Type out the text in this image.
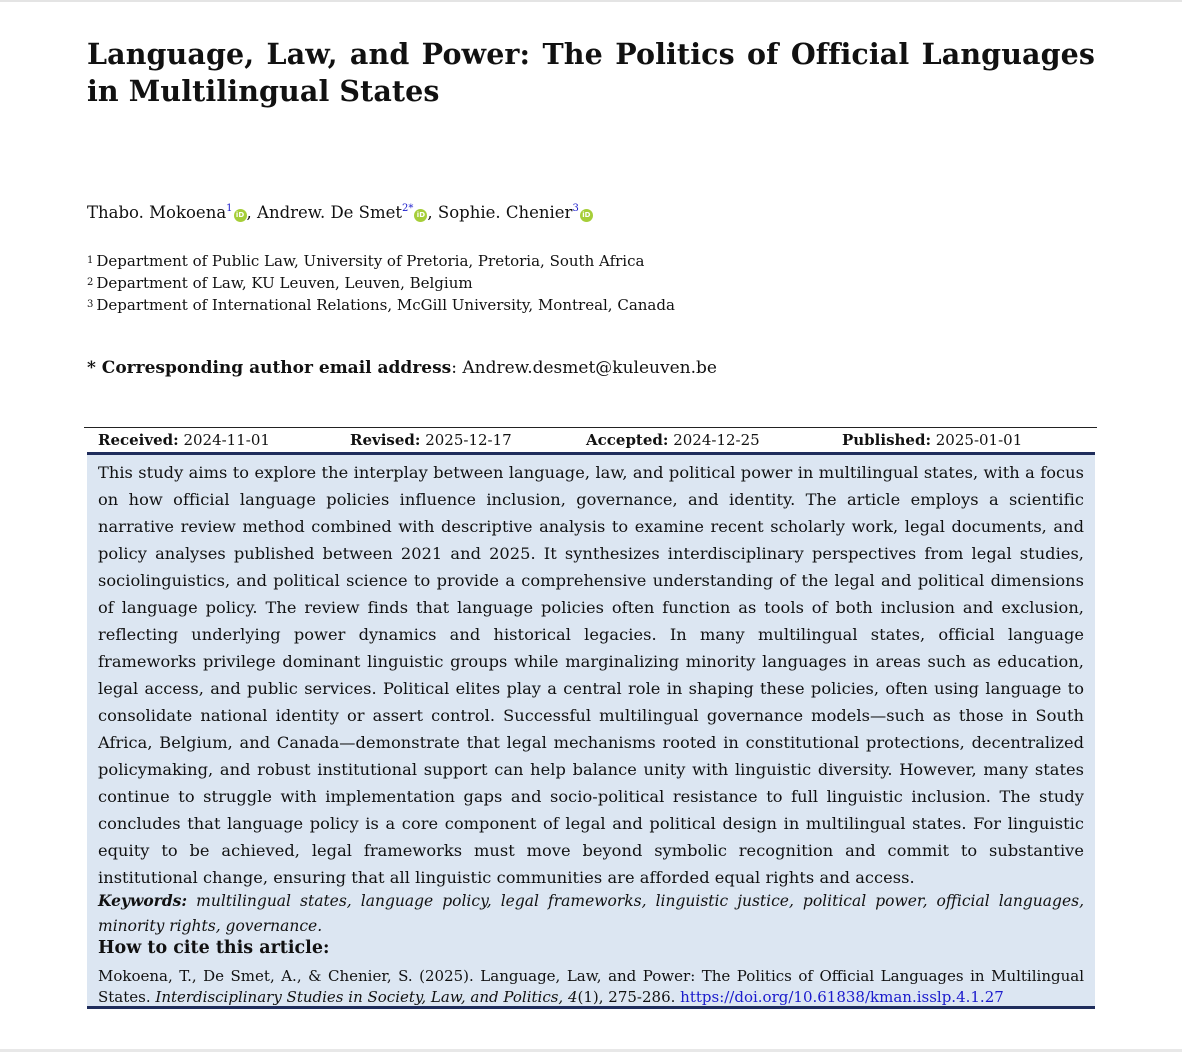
Language, Law, and Power: The Politics of Official Languages in Multilingual States
Thabo. Mokoena$^1$iD , Andrew. De Smet$^{2*}$iD , Sophie. Chenier$^3$iD
$^1$ Department of Public Law, University of Pretoria, Pretoria, South Africa
$^2$ Department of Law, KU Leuven, Leuven, Belgium
$^3$ Department of International Relations, McGill University, Montreal, Canada
* Corresponding author email address: Andrew.desmet@kuleuven.be
Received: 2024-11-01	Revised: 2025-12-17	Accepted: 2024-12-25	Published: 2025-01-01
This study aims to explore the interplay between language, law, and political power in multilingual states, with a focus on how official language policies influence inclusion, governance, and identity. The article employs a scientific narrative review method combined with descriptive analysis to examine recent scholarly work, legal documents, and policy analyses published between 2021 and 2025. It synthesizes interdisciplinary perspectives from legal studies, sociolinguistics, and political science to provide a comprehensive understanding of the legal and political dimensions of language policy. The review finds that language policies often function as tools of both inclusion and exclusion, reflecting underlying power dynamics and historical legacies. In many multilingual states, official language frameworks privilege dominant linguistic groups while marginalizing minority languages in areas such as education, legal access, and public services. Political elites play a central role in shaping these policies, often using language to consolidate national identity or assert control. Successful multilingual governance models—such as those in South Africa, Belgium, and Canada—demonstrate that legal mechanisms rooted in constitutional protections, decentralized policymaking, and robust institutional support can help balance unity with linguistic diversity. However, many states continue to struggle with implementation gaps and socio-political resistance to full linguistic inclusion. The study concludes that language policy is a core component of legal and political design in multilingual states. For linguistic equity to be achieved, legal frameworks must move beyond symbolic recognition and commit to substantive institutional change, ensuring that all linguistic communities are afforded equal rights and access.
Keywords: multilingual states, language policy, legal frameworks, linguistic justice, political power, official languages, minority rights, governance.
How to cite this article:
Mokoena, T., De Smet, A., & Chenier, S. (2025). Language, Law, and Power: The Politics of Official Languages in Multilingual States. Interdisciplinary Studies in Society, Law, and Politics, 4(1), 275-286. https://doi.org/10.61838/kman.isslp.4.1.27
